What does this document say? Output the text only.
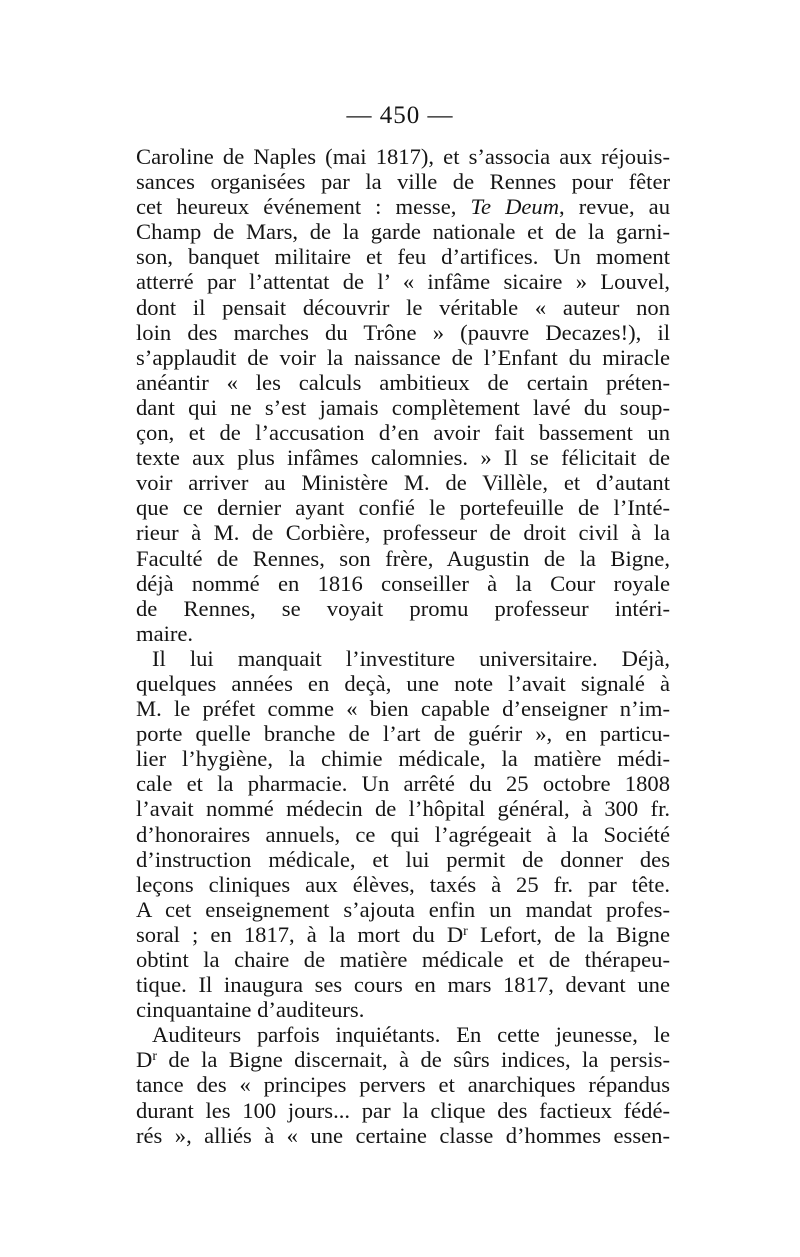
— 450 —
Caroline de Naples (mai 1817), et s’associa aux réjouis-
sances organisées par la ville de Rennes pour fêter
cet heureux événement : messe, Te Deum, revue, au
Champ de Mars, de la garde nationale et de la garni-
son, banquet militaire et feu d’artifices. Un moment
atterré par l’attentat de l’ « infâme sicaire » Louvel,
dont il pensait découvrir le véritable « auteur non
loin des marches du Trône » (pauvre Decazes!), il
s’applaudit de voir la naissance de l’Enfant du miracle
anéantir « les calculs ambitieux de certain préten-
dant qui ne s’est jamais complètement lavé du soup-
çon, et de l’accusation d’en avoir fait bassement un
texte aux plus infâmes calomnies. » Il se félicitait de
voir arriver au Ministère M. de Villèle, et d’autant
que ce dernier ayant confié le portefeuille de l’Inté-
rieur à M. de Corbière, professeur de droit civil à la
Faculté de Rennes, son frère, Augustin de la Bigne,
déjà nommé en 1816 conseiller à la Cour royale
de Rennes, se voyait promu professeur intéri-
maire.
Il lui manquait l’investiture universitaire. Déjà,
quelques années en deçà, une note l’avait signalé à
M. le préfet comme « bien capable d’enseigner n’im-
porte quelle branche de l’art de guérir », en particu-
lier l’hygiène, la chimie médicale, la matière médi-
cale et la pharmacie. Un arrêté du 25 octobre 1808
l’avait nommé médecin de l’hôpital général, à 300 fr.
d’honoraires annuels, ce qui l’agrégeait à la Société
d’instruction médicale, et lui permit de donner des
leçons cliniques aux élèves, taxés à 25 fr. par tête.
A cet enseignement s’ajouta enfin un mandat profes-
soral ; en 1817, à la mort du $D^r$ Lefort, de la Bigne
obtint la chaire de matière médicale et de thérapeu-
tique. Il inaugura ses cours en mars 1817, devant une
cinquantaine d’auditeurs.
Auditeurs parfois inquiétants. En cette jeunesse, le
$D^r$ de la Bigne discernait, à de sûrs indices, la persis-
tance des « principes pervers et anarchiques répandus
durant les 100 jours... par la clique des factieux fédé-
rés », alliés à « une certaine classe d’hommes essen-
